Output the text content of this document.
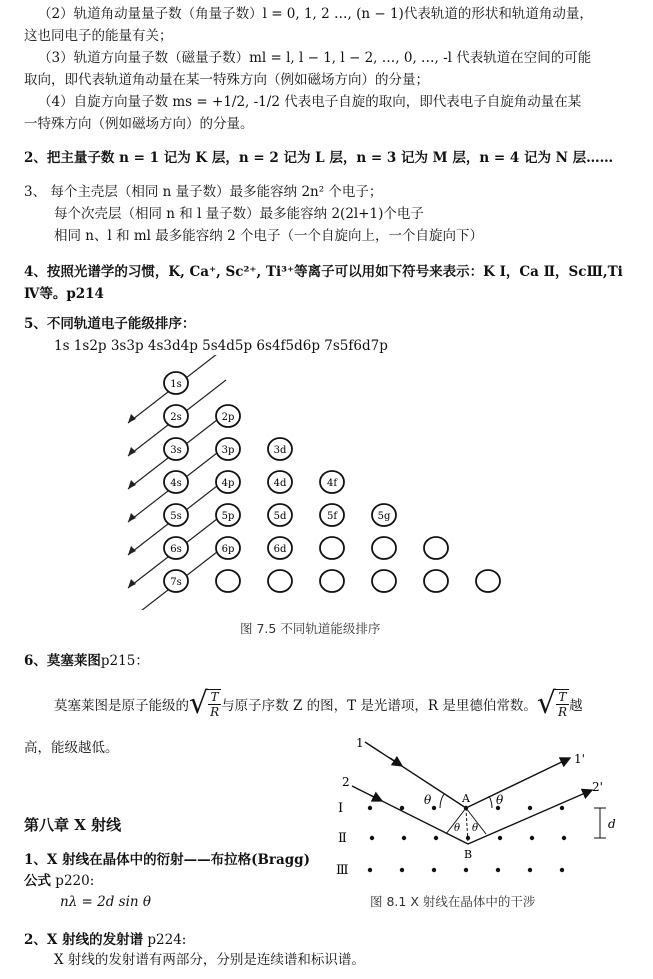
（2）轨道角动量量子数（角量子数）l = 0, 1, 2 …, (n − 1)代表轨道的形状和轨道角动量，
这也同电子的能量有关；
（3）轨道方向量子数（磁量子数）ml = l, l − 1, l − 2, …, 0, …, -l 代表轨道在空间的可能
取向，即代表轨道角动量在某一特殊方向（例如磁场方向）的分量；
（4）自旋方向量子数 ms = +1/2, -1/2 代表电子自旋的取向，即代表电子自旋角动量在某
一特殊方向（例如磁场方向）的分量。
2、把主量子数 n = 1 记为 K 层，n = 2 记为 L 层，n = 3 记为 M 层，n = 4 记为 N 层……
3、 每个主壳层（相同 n 量子数）最多能容纳 2n² 个电子；
每个次壳层（相同 n 和 l 量子数）最多能容纳 2(2l+1)个电子
相同 n、l 和 ml 最多能容纳 2 个电子（一个自旋向上，一个自旋向下）
4、按照光谱学的习惯，K, Ca⁺, Sc²⁺, Ti³⁺等离子可以用如下符号来表示：K Ⅰ，Ca Ⅱ，ScⅢ,Ti
Ⅳ等。p214
5、不同轨道电子能级排序：
1s 1s2p 3s3p 4s3d4p 5s4d5p 6s4f5d6p 7s5f6d7p
1s
2s	2p
3s	3p	3d
4s	4p	4d	4f
5s	5p	5d	5f	5g
6s	6p	6d
7s
图 7.5 不同轨道能级排序
6、莫塞莱图p215：
莫塞莱图是原子能级的 √ $\frac{T}{R}$ 与原子序数 Z 的图，T 是光谱项，R 是里德伯常数。 √ $\frac{T}{R}$ 越
高，能级越低。
第八章 X 射线
1、X 射线在晶体中的衍射——布拉格(Bragg)
公式 p220:
nλ = 2d sin θ
2、X 射线的发射谱 p224:
X 射线的发射谱有两部分，分别是连续谱和标识谱。
1
2
1'
2'
Ⅰ
Ⅱ
Ⅲ
A
B
θ	θ
θ θ	d
图 8.1 X 射线在晶体中的干涉
